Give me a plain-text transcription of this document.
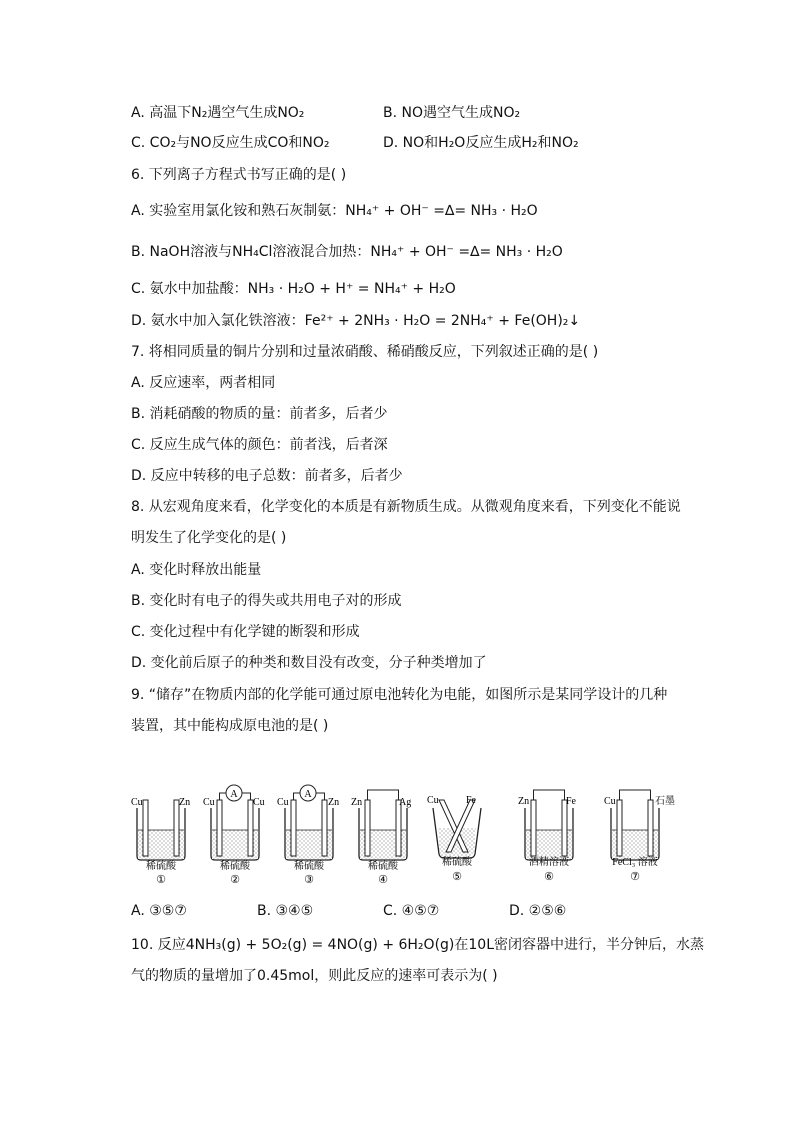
A. 高温下N₂遇空气生成NO₂	B. NO遇空气生成NO₂
C. CO₂与NO反应生成CO和NO₂	D. NO和H₂O反应生成H₂和NO₂
6. 下列离子方程式书写正确的是( )
A. 实验室用氯化铵和熟石灰制氨：NH₄⁺ + OH⁻ =∆= NH₃ · H₂O
B. NaOH溶液与NH₄Cl溶液混合加热：NH₄⁺ + OH⁻ =∆= NH₃ · H₂O
C. 氨水中加盐酸：NH₃ · H₂O + H⁺ = NH₄⁺ + H₂O
D. 氨水中加入氯化铁溶液：Fe²⁺ + 2NH₃ · H₂O = 2NH₄⁺ + Fe(OH)₂↓
7. 将相同质量的铜片分别和过量浓硝酸、稀硝酸反应，下列叙述正确的是( )
A. 反应速率，两者相同
B. 消耗硝酸的物质的量：前者多，后者少
C. 反应生成气体的颜色：前者浅，后者深
D. 反应中转移的电子总数：前者多，后者少
8. 从宏观角度来看，化学变化的本质是有新物质生成。从微观角度来看，下列变化不能说
明发生了化学变化的是( )
A. 变化时释放出能量
B. 变化时有电子的得失或共用电子对的形成
C. 变化过程中有化学键的断裂和形成
D. 变化前后原子的种类和数目没有改变，分子种类增加了
9. “储存”在物质内部的化学能可通过原电池转化为电能，如图所示是某同学设计的几种
装置，其中能构成原电池的是( )
Cu	Zn
稀硫酸
①
A
Cu	Cu
稀硫酸
②
A
Cu	Zn
稀硫酸
③
Zn	Ag
稀硫酸
④
Cu	Fe
稀硫酸
⑤
Zn	Fe
酒精溶液
⑥
Cu	石墨
FeCl₃ 溶液
⑦
A. ③⑤⑦	B. ③④⑤	C. ④⑤⑦	D. ②⑤⑥
10. 反应4NH₃(g) + 5O₂(g) = 4NO(g) + 6H₂O(g)在10L密闭容器中进行，半分钟后，水蒸
气的物质的量增加了0.45mol，则此反应的速率可表示为( )
